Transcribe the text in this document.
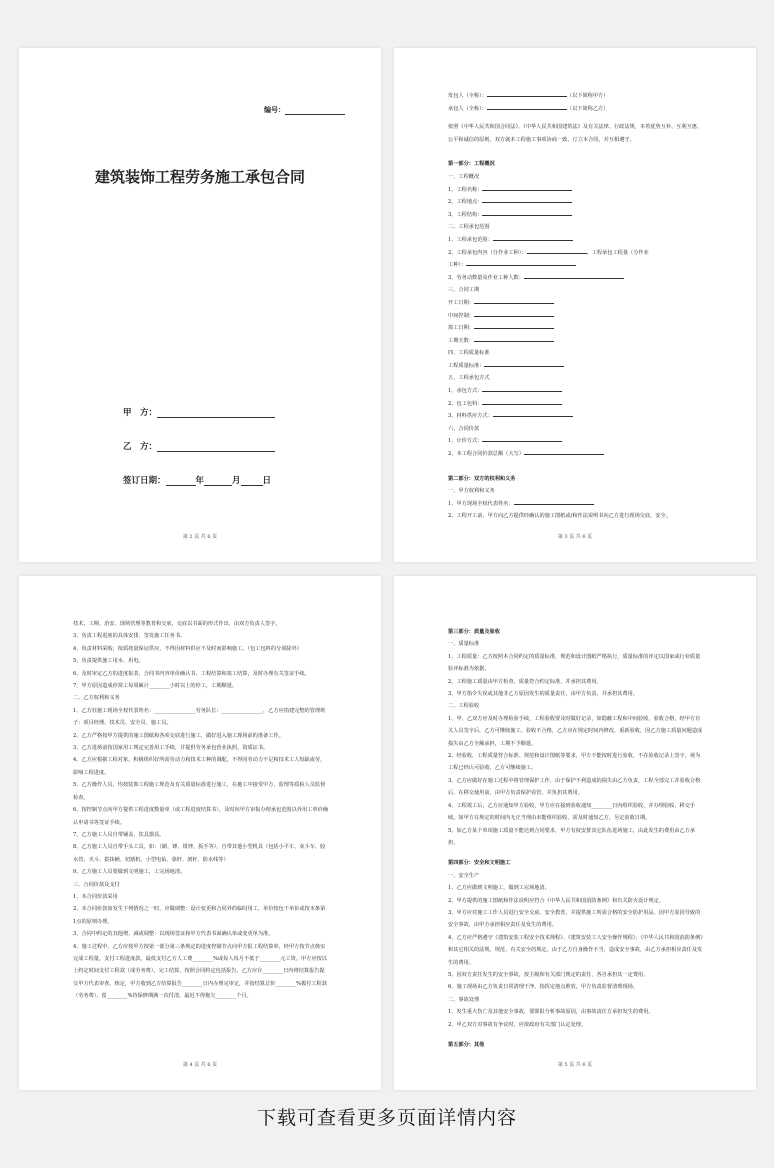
编号：
建筑装饰工程劳务施工承包合同
甲　方：
乙　方：
签订日期：	年	月	日
第 2 页 共 6 页
发包人（全称）：	（以下简称甲方）
承包人（全称）：	（以下简称乙方）
依照《中华人民共和国合同法》、《中华人民共和国建筑法》及有关法律、行政法规，本着优势互补、互利互惠、公平和诚信的原则，双方就本工程施工事项协商一致，订立本合同，并互相遵守。
第一部分：工程概况
一、工程概况
1、工程名称：
2、工程地点：
3、工程结构：
二、工程承包范围
1、工程承包范围：
2、工程承包内容（分作业工种）：	，工程承包工程量（分作业
工种）：
3、劳务动数量及作业工种人数：
三、合同工期
开工日期：
中间控制：
竣工日期：
工期天数：
四、工程质量标准
工程质量标准：
五、工程承包方式
1、承包方式：
2、包工包料：
3、材料供应方式：
六、合同价款
1、计价方式：
2、本工程合同价款总额（大写）
第二部分：双方的权利和义务
一、甲方权利和义务
1、甲方现场全权代表姓名：
2、工程开工前，甲方向乙方提供经确认的施工图纸或/和作法说明书向乙方进行现场交底，安全。
第 3 页 共 6 页
技术、工期、治安、现场管理等教育和交底，交底以书面的形式作出，由双方负责人签字。
3、负责工程进度的具体安排，签发施工任务书。
4、负责材料采购，按质按量保证供应，不得因材料供应不及时而影响施工。（包工包料的分项除外）
5、负责提供施工用水、用电。
6、及时审定乙方的进度报表，合同书内容单价确认书、工程结算和竣工结算，及时办理有关签证手续。
7、甲方原因造成停窝工每周累计________小时以上的停工，工期顺延。
二、乙方权利和义务
1、乙方驻施工现场全权代表姓名：________________劳务队长：________________，乙方应指建完整的管理班子：项目经理、技术员、安全员、施工员。
2、乙方严格按甲方提供的施工图纸和各项交底进行施工，做好进入施工现场前的准备工作。
3、乙方进场前按国家用工规定完善用工手续，并提供劳务承包营业执照，资质证书。
4、乙方应根据工程对象，积极组织好所需劳动力和技术工种的调配，不得因劳动力不足和技术工人短缺或劳，影响工程进度。
5、乙方操作人员，均按装饰工程施工规范及有关质量标准进行施工，在施工中接受甲方、监理等质检人员监督检查。
6、按控制节点向甲方提供工程进度数量单（或工程进度结算书），及时向甲方审报办理承包范围以外用工单价确认申请书等签证手续。
7、乙方施工人员自带铺盖、饮具器具。
8、乙方施工人员自带手头工具，如：（刷、锤、钳锉、扳手等），自带其他小型机具（包括小平车、灰斗车、胶水管、夹斗、拔抹桶、切割机、小型电钻、靠杆、剖杆、防水线等）
9、乙方施工人员要做到文明施工，工完场地清。
三、合同价款及支付
1、本合同价款采用
2、本合同价款如发生下列情况之一时，应做调整：设计变更和合同外的临时用工，单价按包干单价或按本条第1点的原则办理。
3、合同中约定的其他增、减或调整：以现场签证和甲方代表书面确认单或变更单为准。
4、施工过程中，乙方应按甲方按第一部分第三条规定的进度控制节点向甲方报工程结算单，经甲方按节点核实完成工程量，支付工程进度款，最低支付乙方人工费________%或每人每月不低于________元工资。甲方应按以上约定时间支付工程款（成劳务费），完工结算，按照合同约定包括报告，乙方应在________日内将结算报告提交甲方代表审查。核定，甲方收到乙方结算报告________日内办理完审定，并按结算总价________%拨付工程款（劳务费），留________%待保修期满一次付清。最迟不得拖欠________个月。
第 4 页 共 6 页
第三部分：质量及验收
一、质量标准
1、工程质量：乙方按照本合同约定的质量标准，规范和设计图纸严格执行，质量标准的评定以国家或行业质量验评标准为依据。
2、工程施工质量由甲方检查，质量符合约定标准，并承担其费用。
3、甲方指令失误或其他非乙方原因发生的质量责任，由甲方负责，并承担其费用。
二、工程验收
1、甲、乙双方应及时办理检验手续，工程验收要及时做好记录，如隐蔽工程和中间验收，验收合格，经甲方有关人员签字后，乙方可继续施工。验收不合格，乙方应在规定时间内修改，重新验收，因乙方施工质量问题造成损失由乙方全额承担，工期不予顺延。
2、经验收，工程质量符合标准、规范和设计图纸等要求，甲方不能按时进行验收，不在验收记录上签字，视为工程已经认可验收，乙方可继续施工。
3、乙方应做好在施工过程中将管理保护工作，由于保护不利造成的损失由乙方负责，工程全部完工并验收合格后，在移交使用前，由甲方负责保护看管，并负担其费用。
4、工程竣工后，乙方应通知甲方验收，甲方应在接到验收通知________日内组织验收，并办理验收、移交手续。如甲方在规定的时间内无正当理由未能组织验收，需及时通知乙方，另定验收日期。
5、如乙方某个单项施工质量不能达到合同要求，甲方有权安排其它队伍进场施工，由此发生的费用由乙方承担。
第四部分：安全和文明施工
一、安全生产
1、乙方应做到文明施工，做到工完场地清。
2、甲方提供的施工图纸和作法说明应符合《中华人民共和国消防条例》和有关防火设计规定。
3、甲方应对施工工作人员进行安全交底、安全教育，并提供施工所需合格的安全防护用品，因甲方原因导致的安全事故，由甲方承担相应责任及发生的费用。
4、乙方应严格遵守《建筑安装工程安全技术规程》、《建筑安装工人安全操作规程》、《中华人民共和国消防条例》和其它相关的法规、规范、有关安全的规定。由于乙方自身操作不当，造成安全事故，由乙方承担相应责任及发生的费用。
5、因双方责任发生的安全事故，按主级和有关部门规定的责任，各自承担其一定费用。
6、施工现场由乙方负责日常清理干净，指挥定地点堆放，甲方负责监督清理现场。
二、事故处理
1、发生重大伤亡及其他安全事故，要即报分析事故原因，由事故责任方承担发生的费用。
2、甲乙双方对事故有争议时，应按政府有关部门认定处理。
第五部分：其他
第 5 页 共 6 页
下载可查看更多页面详情内容
